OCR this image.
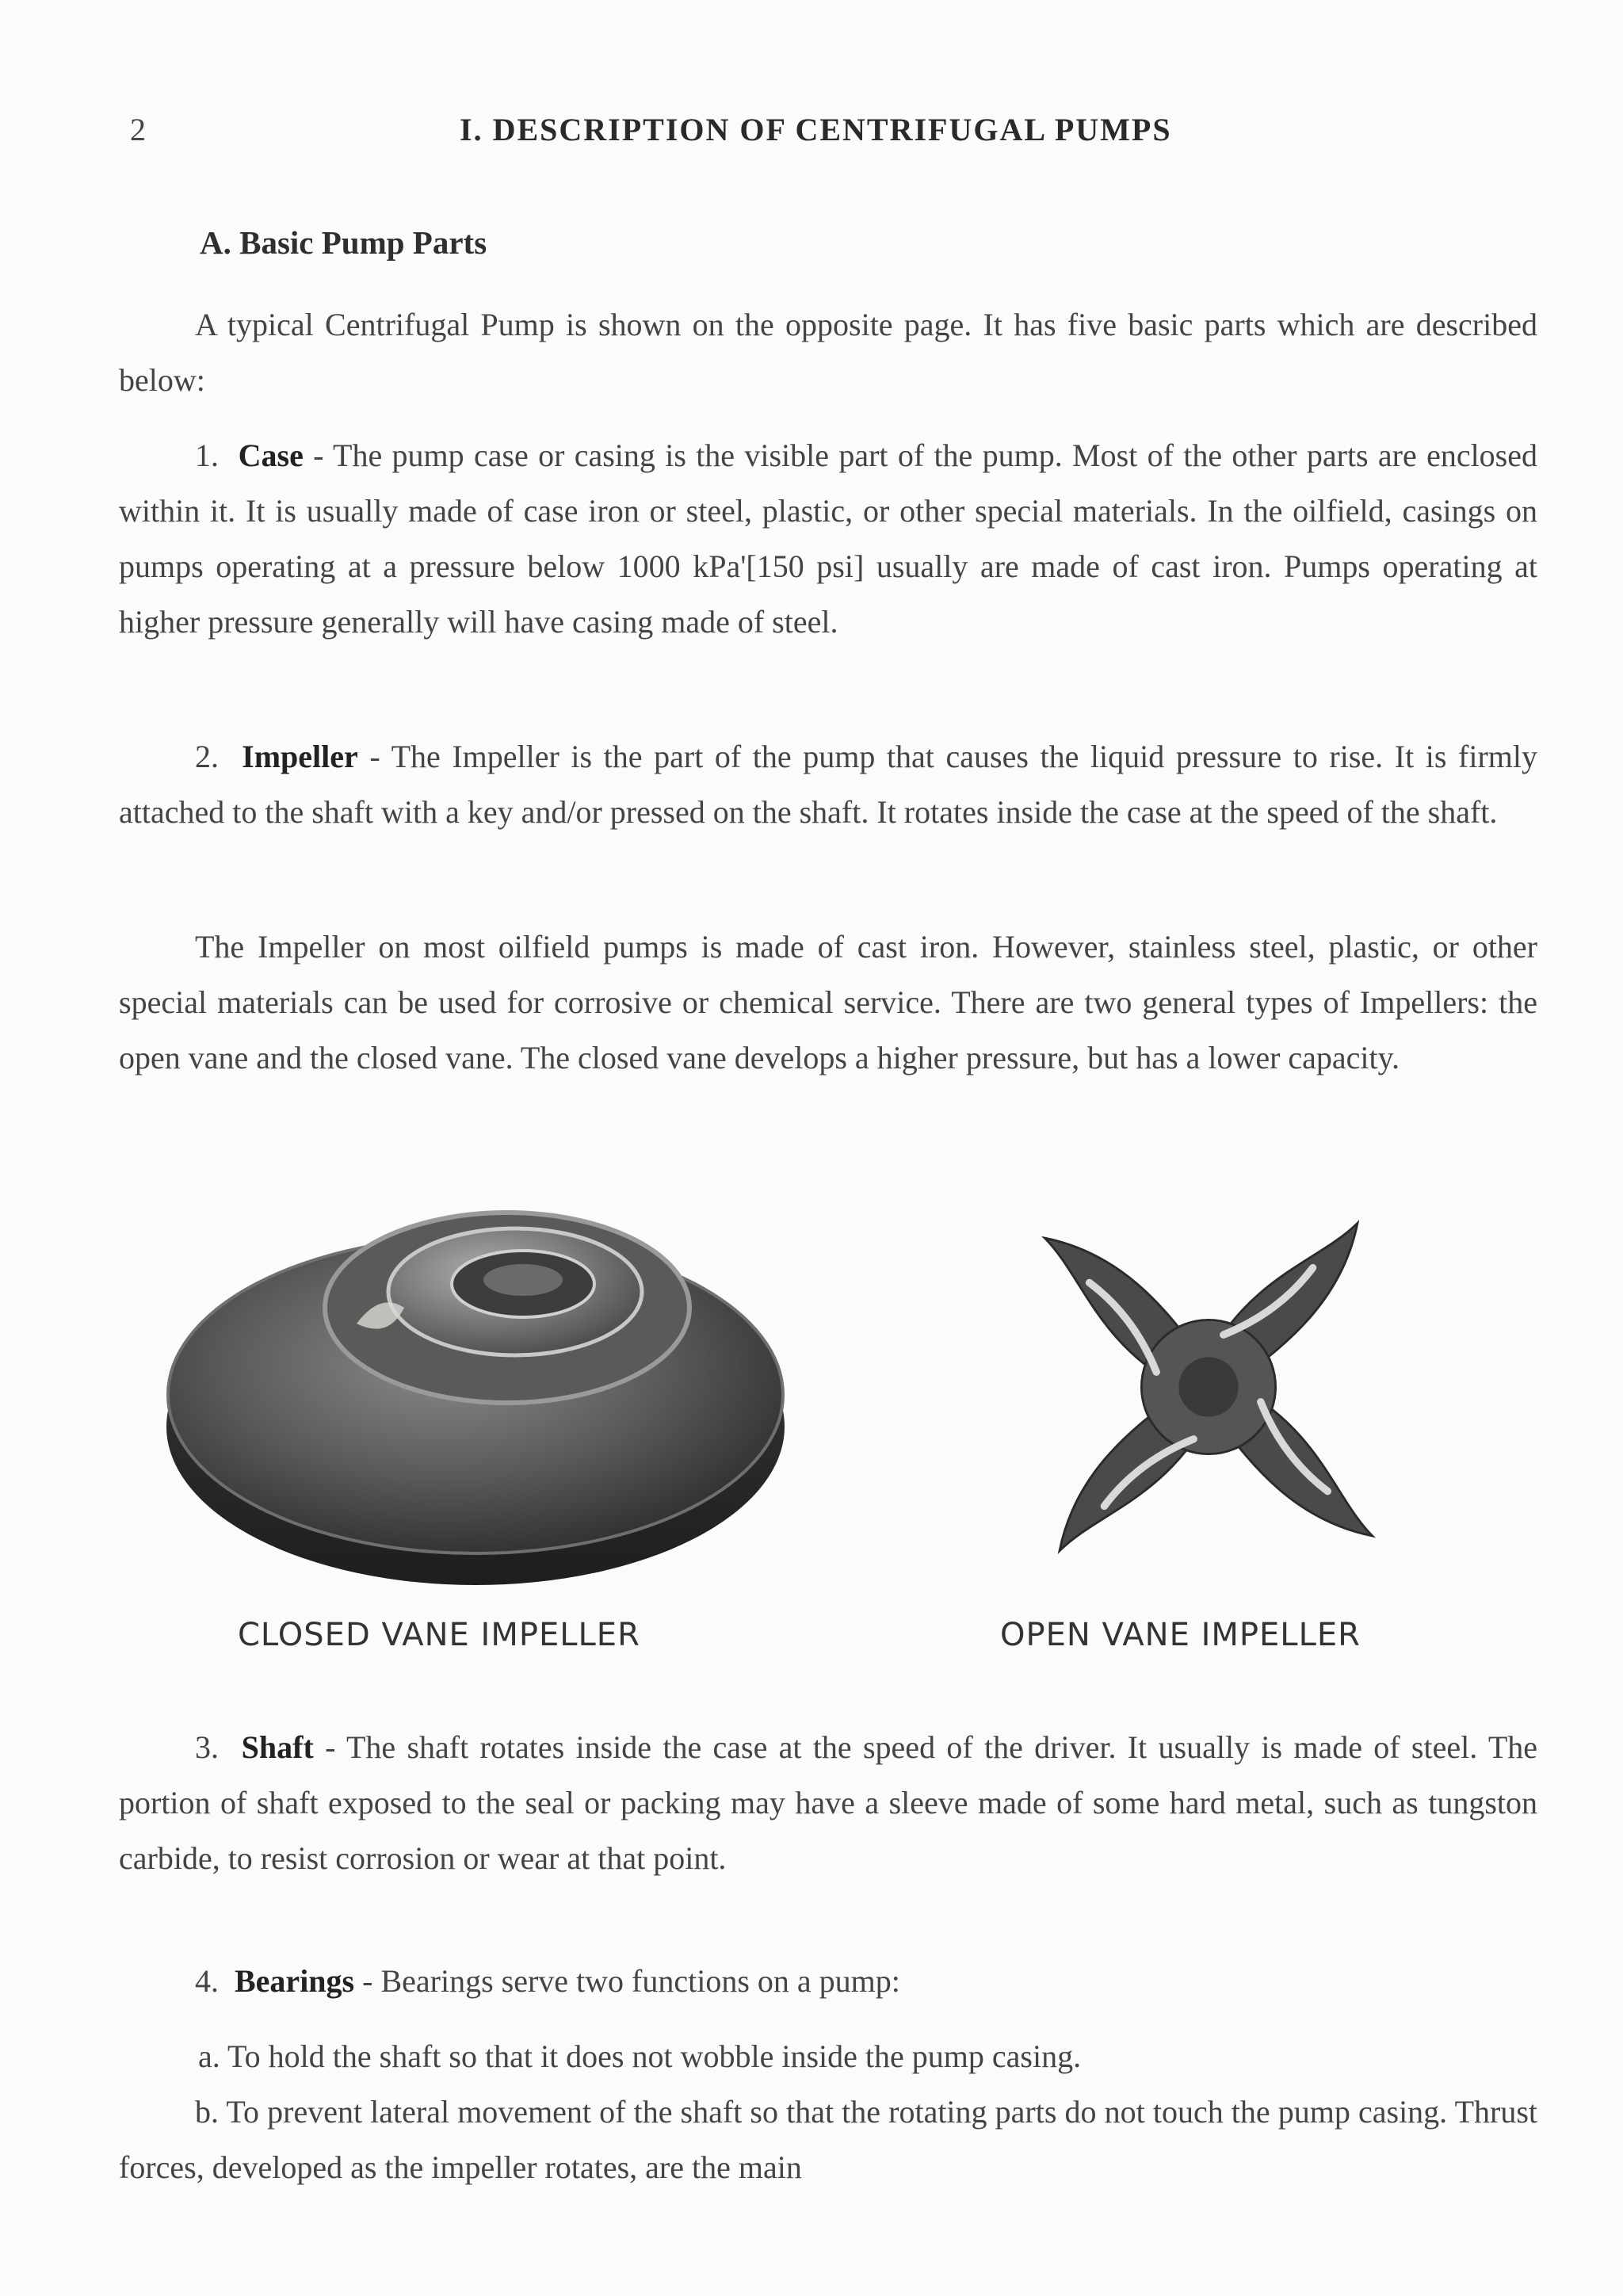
2	I. DESCRIPTION OF CENTRIFUGAL PUMPS
A. Basic Pump Parts
A typical Centrifugal Pump is shown on the opposite page. It has five basic parts which are described below:
1. Case - The pump case or casing is the visible part of the pump. Most of the other parts are enclosed within it. It is usually made of case iron or steel, plastic, or other special materials. In the oilfield, casings on pumps operating at a pressure below 1000 kPa'[150 psi] usually are made of cast iron. Pumps operating at higher pressure generally will have casing made of steel.
2. Impeller - The Impeller is the part of the pump that causes the liquid pressure to rise. It is firmly attached to the shaft with a key and/or pressed on the shaft. It rotates inside the case at the speed of the shaft.
The Impeller on most oilfield pumps is made of cast iron. However, stainless steel, plastic, or other special materials can be used for corrosive or chemical service. There are two general types of Impellers: the open vane and the closed vane. The closed vane develops a higher pressure, but has a lower capacity.
CLOSED VANE IMPELLER	OPEN VANE IMPELLER
3. Shaft - The shaft rotates inside the case at the speed of the driver. It usually is made of steel. The portion of shaft exposed to the seal or packing may have a sleeve made of some hard metal, such as tungston carbide, to resist corrosion or wear at that point.
4. Bearings - Bearings serve two functions on a pump:
a. To hold the shaft so that it does not wobble inside the pump casing.
b. To prevent lateral movement of the shaft so that the rotating parts do not touch the pump casing. Thrust forces, developed as the impeller rotates, are the main
